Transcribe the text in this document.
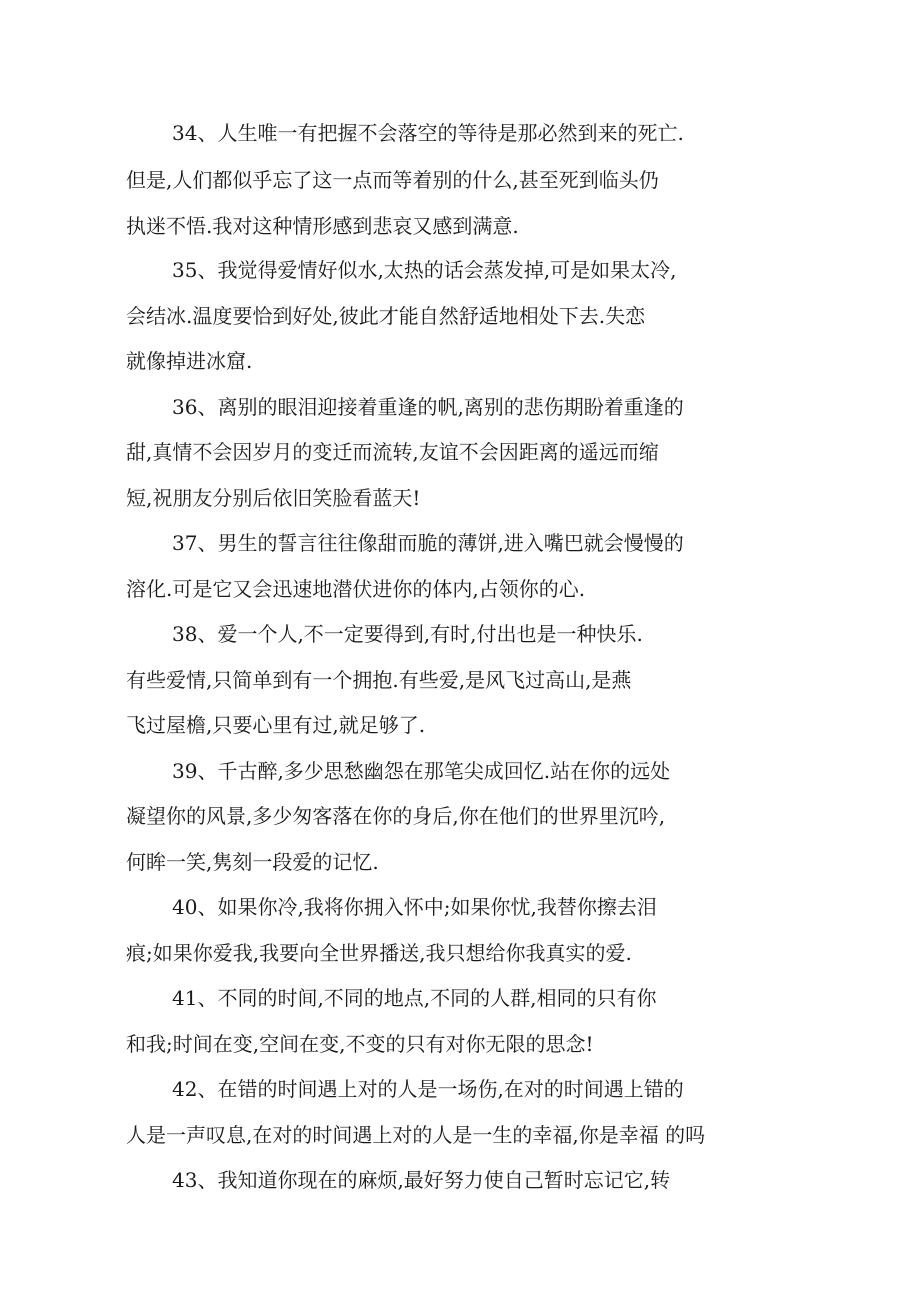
34、人生唯一有把握不会落空的等待是那必然到来的死亡.

但是,人们都似乎忘了这一点而等着别的什么,甚至死到临头仍

执迷不悟.我对这种情形感到悲哀又感到满意.

35、我觉得爱情好似水,太热的话会蒸发掉,可是如果太冷,

会结冰.温度要恰到好处,彼此才能自然舒适地相处下去.失恋

就像掉进冰窟.

36、离别的眼泪迎接着重逢的帆,离别的悲伤期盼着重逢的

甜,真情不会因岁月的变迁而流转,友谊不会因距离的遥远而缩

短,祝朋友分别后依旧笑脸看蓝天!

37、男生的誓言往往像甜而脆的薄饼,进入嘴巴就会慢慢的

溶化.可是它又会迅速地潜伏进你的体内,占领你的心.

38、爱一个人,不一定要得到,有时,付出也是一种快乐.

有些爱情,只简单到有一个拥抱.有些爱,是风飞过高山,是燕

飞过屋檐,只要心里有过,就足够了.

39、千古醉,多少思愁幽怨在那笔尖成回忆.站在你的远处

凝望你的风景,多少匆客落在你的身后,你在他们的世界里沉吟,

何眸一笑,隽刻一段爱的记忆.

40、如果你冷,我将你拥入怀中;如果你忧,我替你擦去泪

痕;如果你爱我,我要向全世界播送,我只想给你我真实的爱.

41、不同的时间,不同的地点,不同的人群,相同的只有你

和我;时间在变,空间在变,不变的只有对你无限的思念!

42、在错的时间遇上对的人是一场伤,在对的时间遇上错的

人是一声叹息,在对的时间遇上对的人是一生的幸福,你是幸福 的吗

43、我知道你现在的麻烦,最好努力使自己暂时忘记它,转
